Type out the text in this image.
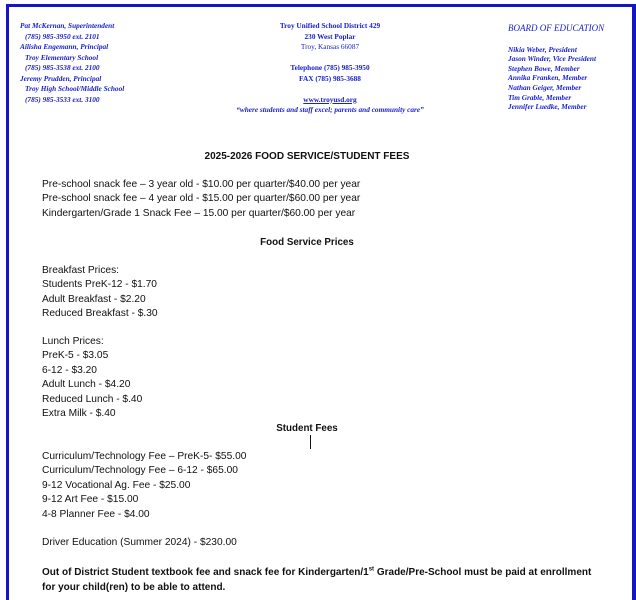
Pat McKernan, Superintendent
(785) 985-3950 ext. 2101
Ailisha Engemann, Principal
Troy Elementary School
(785) 985-3538 ext. 2100
Jeremy Prudden, Principal
Troy High School/Middle School
(785) 985-3533 ext. 3100
Troy Unified School District 429
230 West Poplar
Troy, Kansas 66087
Telephone (785) 985-3950
FAX (785) 985-3688
www.troyusd.org
“where students and staff excel; parents and community care”
BOARD OF EDUCATION
Nikia Weber, President
Jason Winder, Vice President
Stephen Bowe, Member
Annika Franken, Member
Nathan Geiger, Member
Tim Grable, Member
Jennifer Luedke, Member
2025-2026 FOOD SERVICE/STUDENT FEES
Pre-school snack fee – 3 year old - $10.00 per quarter/$40.00 per year
Pre-school snack fee – 4 year old - $15.00 per quarter/$60.00 per year
Kindergarten/Grade 1 Snack Fee – 15.00 per quarter/$60.00 per year
Food Service Prices
Breakfast Prices:
Students PreK-12 - $1.70
Adult Breakfast - $2.20
Reduced Breakfast - $.30
Lunch Prices:
PreK-5 - $3.05
6-12 - $3.20
Adult Lunch - $4.20
Reduced Lunch - $.40
Extra Milk - $.40
Student Fees
Curriculum/Technology Fee – PreK-5- $55.00
Curriculum/Technology Fee – 6-12 - $65.00
9-12 Vocational Ag. Fee - $25.00
9-12 Art Fee - $15.00
4-8 Planner Fee - $4.00
Driver Education (Summer 2024) - $230.00
Out of District Student textbook fee and snack fee for Kindergarten/1st Grade/Pre-School must be paid at enrollment for your child(ren) to be able to attend.
